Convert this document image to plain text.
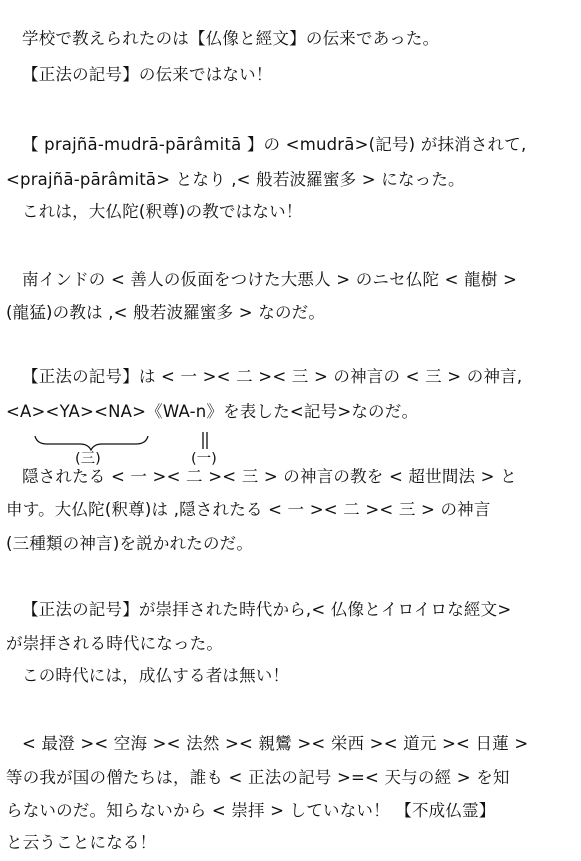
学校で教えられたのは【仏像と經文】の伝来であった。
【正法の記号】の伝来ではない！
【 prajñā-mudrā-pārâmitā 】の <mudrā>(記号) が抹消されて,
<prajñā-pārâmitā> となり ,< 般若波羅蜜多 > になった。
これは，大仏陀(釈尊)の教ではない！
南インドの < 善人の仮面をつけた大悪人 > のニセ仏陀 < 龍樹 >
(龍猛)の教は ,< 般若波羅蜜多 > なのだ。
【正法の記号】は < 一 >< 二 >< 三 > の神言の < 三 > の神言,
<A><YA><NA>《WA-n》を表した<記号>なのだ。
隠されたる < 一 >< 二 >< 三 > の神言の教を < 超世間法 > と
申す。大仏陀(釈尊)は ,隠されたる < 一 >< 二 >< 三 > の神言
(三種類の神言)を説かれたのだ。
【正法の記号】が崇拝された時代から,< 仏像とイロイロな經文>
が崇拝される時代になった。
この時代には，成仏する者は無い！
< 最澄 >< 空海 >< 法然 >< 親鸞 >< 栄西 >< 道元 >< 日蓮 >
等の我が国の僧たちは，誰も < 正法の記号 >=< 天与の經 > を知
らないのだ。知らないから < 崇拝 > していない！ 【不成仏霊】
と云うことになる！
(三)	(一)
